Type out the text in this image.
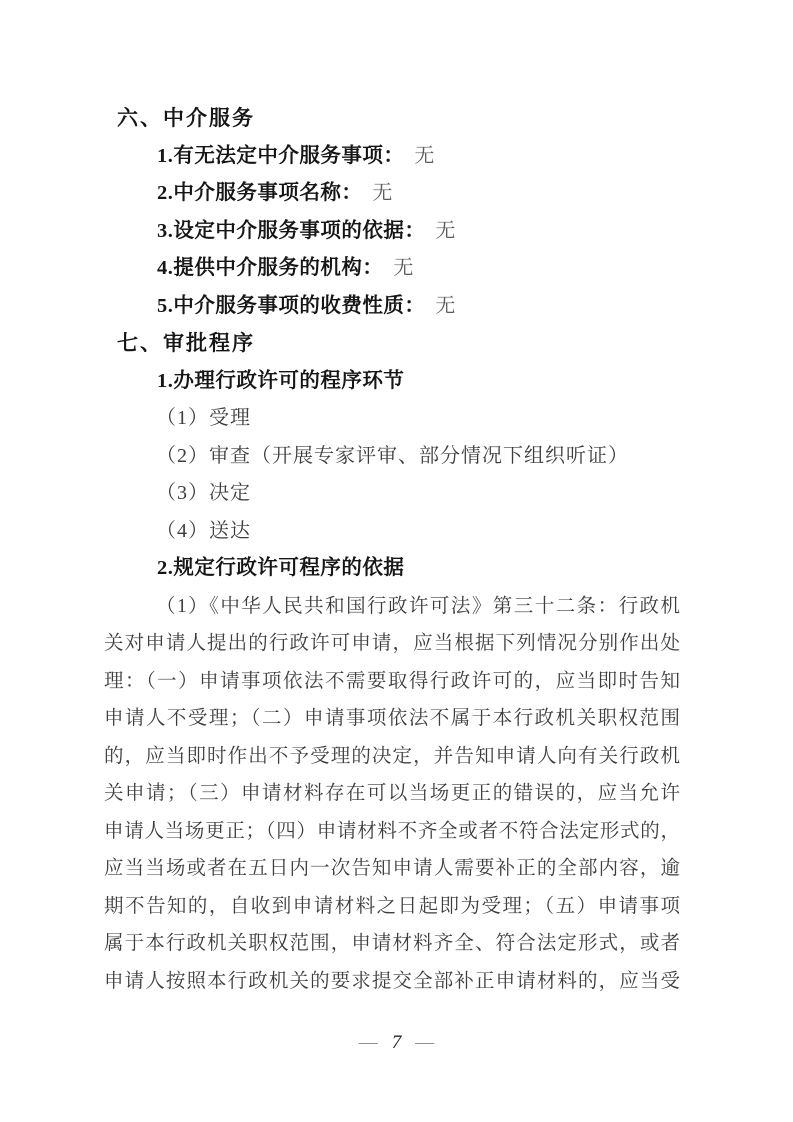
六、中介服务
1.有无法定中介服务事项： 无
2.中介服务事项名称： 无
3.设定中介服务事项的依据： 无
4.提供中介服务的机构： 无
5.中介服务事项的收费性质： 无
七、审批程序
1.办理行政许可的程序环节
（1）受理
（2）审查（开展专家评审、部分情况下组织听证）
（3）决定
（4）送达
2.规定行政许可程序的依据
（1）《中华人民共和国行政许可法》第三十二条：行政机
关对申请人提出的行政许可申请，应当根据下列情况分别作出处
理：（一）申请事项依法不需要取得行政许可的，应当即时告知
申请人不受理；（二）申请事项依法不属于本行政机关职权范围
的，应当即时作出不予受理的决定，并告知申请人向有关行政机
关申请；（三）申请材料存在可以当场更正的错误的，应当允许
申请人当场更正；（四）申请材料不齐全或者不符合法定形式的，
应当当场或者在五日内一次告知申请人需要补正的全部内容，逾
期不告知的，自收到申请材料之日起即为受理；（五）申请事项
属于本行政机关职权范围，申请材料齐全、符合法定形式，或者
申请人按照本行政机关的要求提交全部补正申请材料的，应当受
— 7 —
